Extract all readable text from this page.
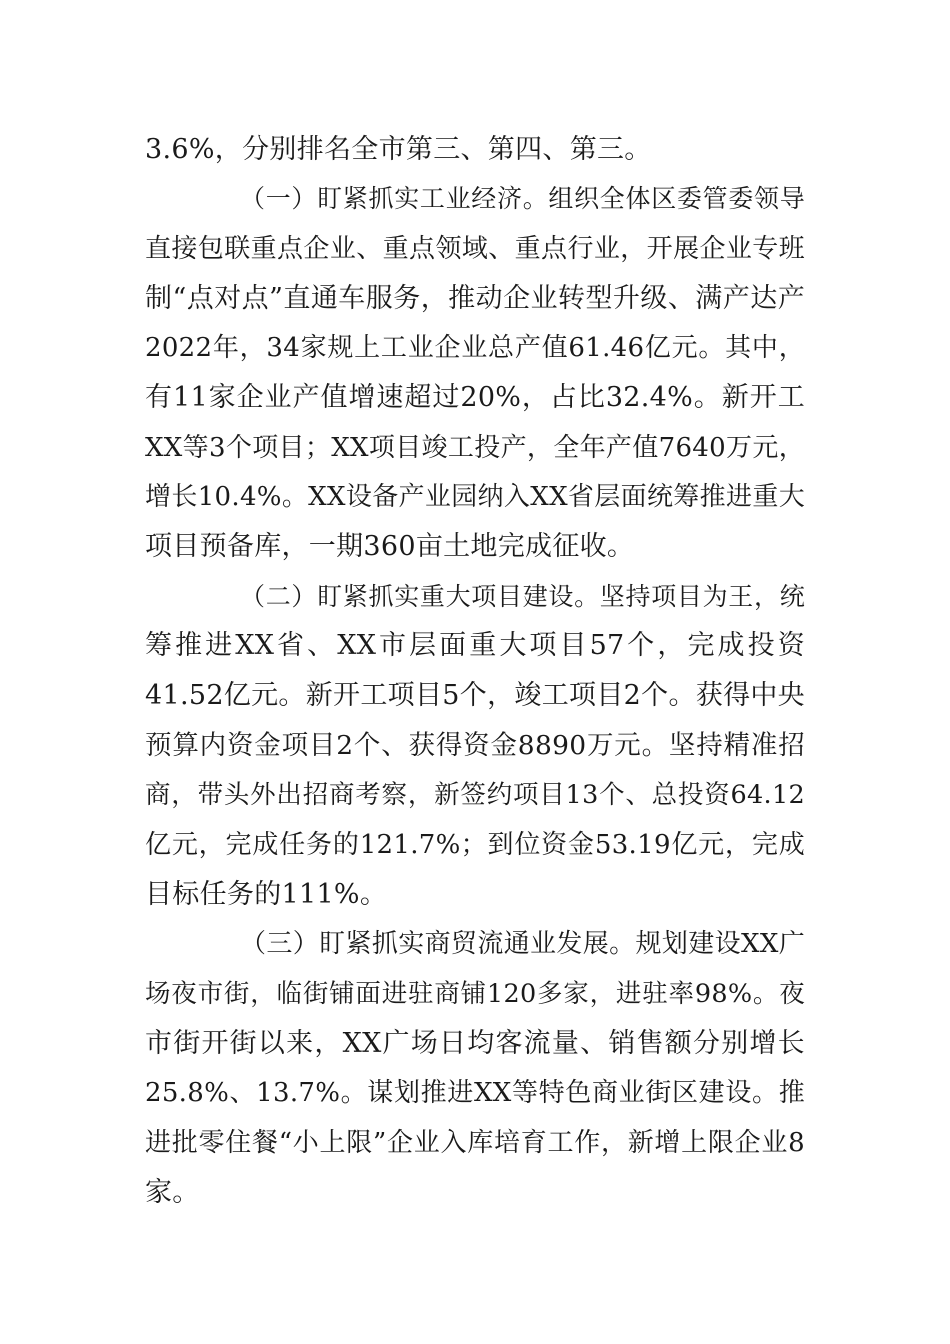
3.6%，分别排名全市第三、第四、第三。
（一）盯紧抓实工业经济。组织全体区委管委领导
直接包联重点企业、重点领域、重点行业，开展企业专班
制“点对点”直通车服务，推动企业转型升级、满产达产
2022年，34家规上工业企业总产值61.46亿元。其中，
有11家企业产值增速超过20%，占比32.4%。新开工
XX等3个项目；XX项目竣工投产，全年产值7640万元，
增长10.4%。XX设备产业园纳入XX省层面统筹推进重大
项目预备库，一期360亩土地完成征收。
（二）盯紧抓实重大项目建设。坚持项目为王，统
筹推进XX省、XX市层面重大项目57个，完成投资
41.52亿元。新开工项目5个，竣工项目2个。获得中央
预算内资金项目2个、获得资金8890万元。坚持精准招
商，带头外出招商考察，新签约项目13个、总投资64.12
亿元，完成任务的121.7%；到位资金53.19亿元，完成
目标任务的111%。
（三）盯紧抓实商贸流通业发展。规划建设XX广
场夜市街，临街铺面进驻商铺120多家，进驻率98%。夜
市街开街以来，XX广场日均客流量、销售额分别增长
25.8%、13.7%。谋划推进XX等特色商业街区建设。推
进批零住餐“小上限”企业入库培育工作，新增上限企业8
家。
